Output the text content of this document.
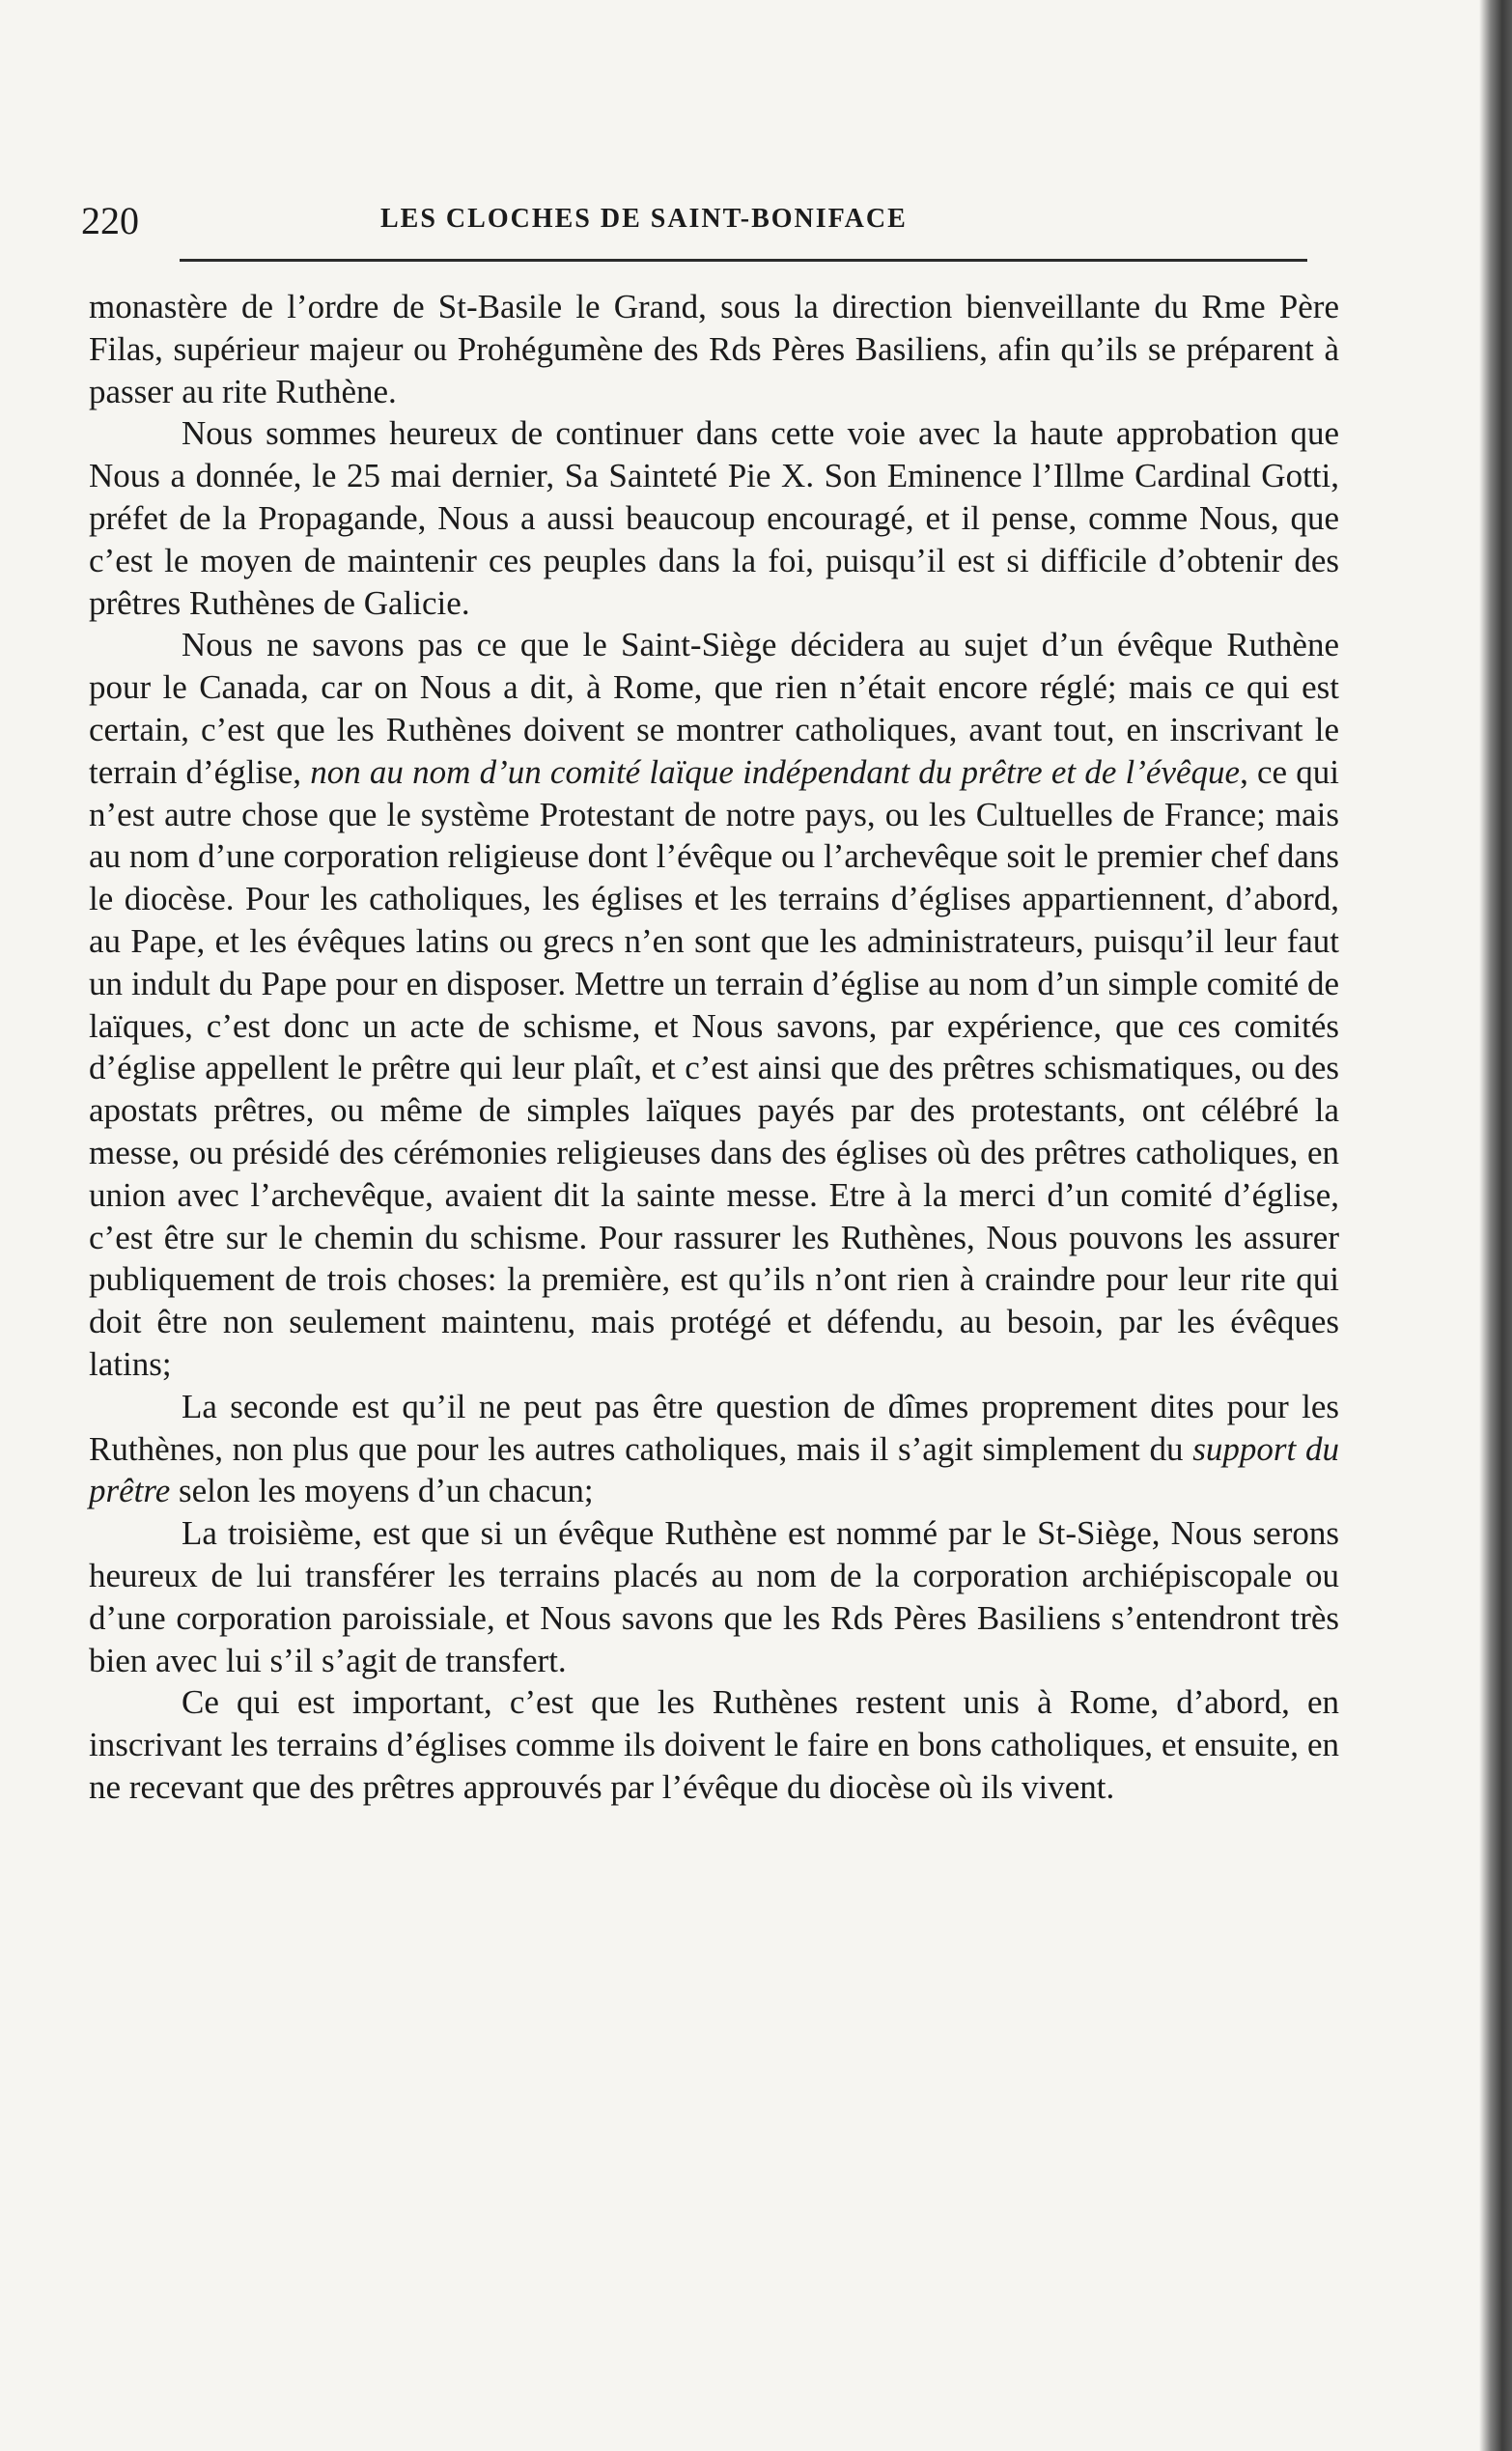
220	LES CLOCHES DE SAINT-BONIFACE

monastère de l’ordre de St-Basile le Grand, sous la direction bienveillante du Rme Père Filas, supérieur majeur ou Prohégumène des Rds Pères Basiliens, afin qu’ils se préparent à passer au rite Ruthène.

Nous sommes heureux de continuer dans cette voie avec la haute approbation que Nous a donnée, le 25 mai dernier, Sa Sainteté Pie X. Son Eminence l’Illme Cardinal Gotti, préfet de la Propagande, Nous a aussi beaucoup encouragé, et il pense, comme Nous, que c’est le moyen de maintenir ces peuples dans la foi, puisqu’il est si difficile d’obtenir des prêtres Ruthènes de Galicie.

Nous ne savons pas ce que le Saint-Siège décidera au sujet d’un évêque Ruthène pour le Canada, car on Nous a dit, à Rome, que rien n’était encore réglé; mais ce qui est certain, c’est que les Ruthènes doivent se montrer catholiques, avant tout, en inscrivant le terrain d’église, non au nom d’un comité laïque indépendant du prêtre et de l’évêque, ce qui n’est autre chose que le système Protestant de notre pays, ou les Cultuelles de France; mais au nom d’une corporation religieuse dont l’évêque ou l’archevêque soit le premier chef dans le diocèse. Pour les catholiques, les églises et les terrains d’églises appartiennent, d’abord, au Pape, et les évêques latins ou grecs n’en sont que les administrateurs, puisqu’il leur faut un indult du Pape pour en disposer. Mettre un terrain d’église au nom d’un simple comité de laïques, c’est donc un acte de schisme, et Nous savons, par expérience, que ces comités d’église appellent le prêtre qui leur plaît, et c’est ainsi que des prêtres schismatiques, ou des apostats prêtres, ou même de simples laïques payés par des protestants, ont célébré la messe, ou présidé des cérémonies religieuses dans des églises où des prêtres catholiques, en union avec l’archevêque, avaient dit la sainte messe. Etre à la merci d’un comité d’église, c’est être sur le chemin du schisme. Pour rassurer les Ruthènes, Nous pouvons les assurer publiquement de trois choses: la première, est qu’ils n’ont rien à craindre pour leur rite qui doit être non seulement maintenu, mais protégé et défendu, au besoin, par les évêques latins;

La seconde est qu’il ne peut pas être question de dîmes proprement dites pour les Ruthènes, non plus que pour les autres catholiques, mais il s’agit simplement du support du prêtre selon les moyens d’un chacun;

La troisième, est que si un évêque Ruthène est nommé par le St-Siège, Nous serons heureux de lui transférer les terrains placés au nom de la corporation archiépiscopale ou d’une corporation paroissiale, et Nous savons que les Rds Pères Basiliens s’entendront très bien avec lui s’il s’agit de transfert.

Ce qui est important, c’est que les Ruthènes restent unis à Rome, d’abord, en inscrivant les terrains d’églises comme ils doivent le faire en bons catholiques, et ensuite, en ne recevant que des prêtres approuvés par l’évêque du diocèse où ils vivent.
